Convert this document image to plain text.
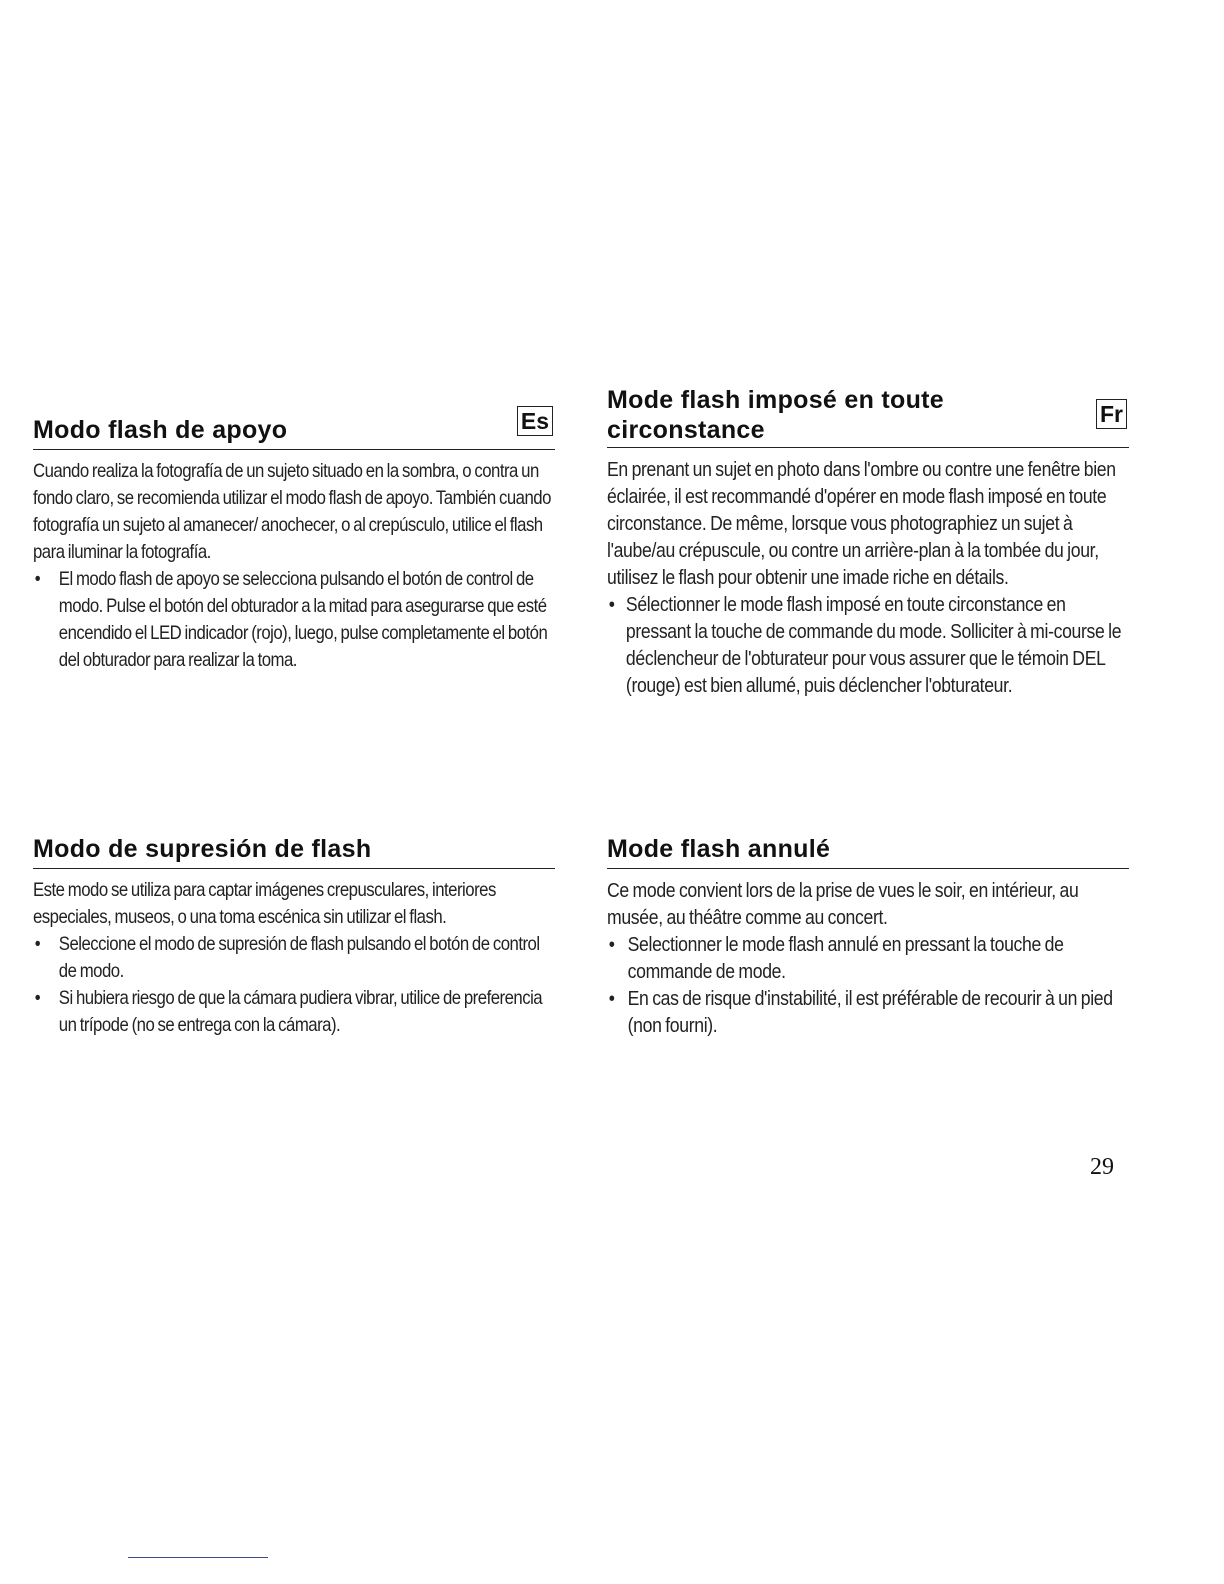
Modo flash de apoyo	Es

Cuando realiza la fotografía de un sujeto situado en la sombra, o contra un fondo claro, se recomienda utilizar el modo flash de apoyo. También cuando fotografía un sujeto al amanecer/ anochecer, o al crepúsculo, utilice el flash para iluminar la fotografía.

• El modo flash de apoyo se selecciona pulsando el botón de control de modo. Pulse el botón del obturador a la mitad para asegurarse que esté encendido el LED indicador (rojo), luego, pulse completamente el botón del obturador para realizar la toma.
Mode flash imposé en toute
circonstance
Fr

En prenant un sujet en photo dans l'ombre ou contre une fenêtre bien éclairée, il est recommandé d'opérer en mode flash imposé en toute circonstance. De même, lorsque vous photographiez un sujet à l'aube/au crépuscule, ou contre un arrière-plan à la tombée du jour, utilisez le flash pour obtenir une imade riche en détails.

• Sélectionner le mode flash imposé en toute circonstance en pressant la touche de commande du mode. Solliciter à mi-course le déclencheur de l'obturateur pour vous assurer que le témoin DEL (rouge) est bien allumé, puis déclencher l'obturateur.
Modo de supresión de flash

Este modo se utiliza para captar imágenes crepusculares, interiores especiales, museos, o una toma escénica sin utilizar el flash.

• Seleccione el modo de supresión de flash pulsando el botón de control de modo.
• Si hubiera riesgo de que la cámara pudiera vibrar, utilice de preferencia un trípode (no se entrega con la cámara).
Mode flash annulé

Ce mode convient lors de la prise de vues le soir, en intérieur, au musée, au théâtre comme au concert.

• Selectionner le mode flash annulé en pressant la touche de commande de mode.
• En cas de risque d'instabilité, il est préférable de recourir à un pied (non fourni).
29
